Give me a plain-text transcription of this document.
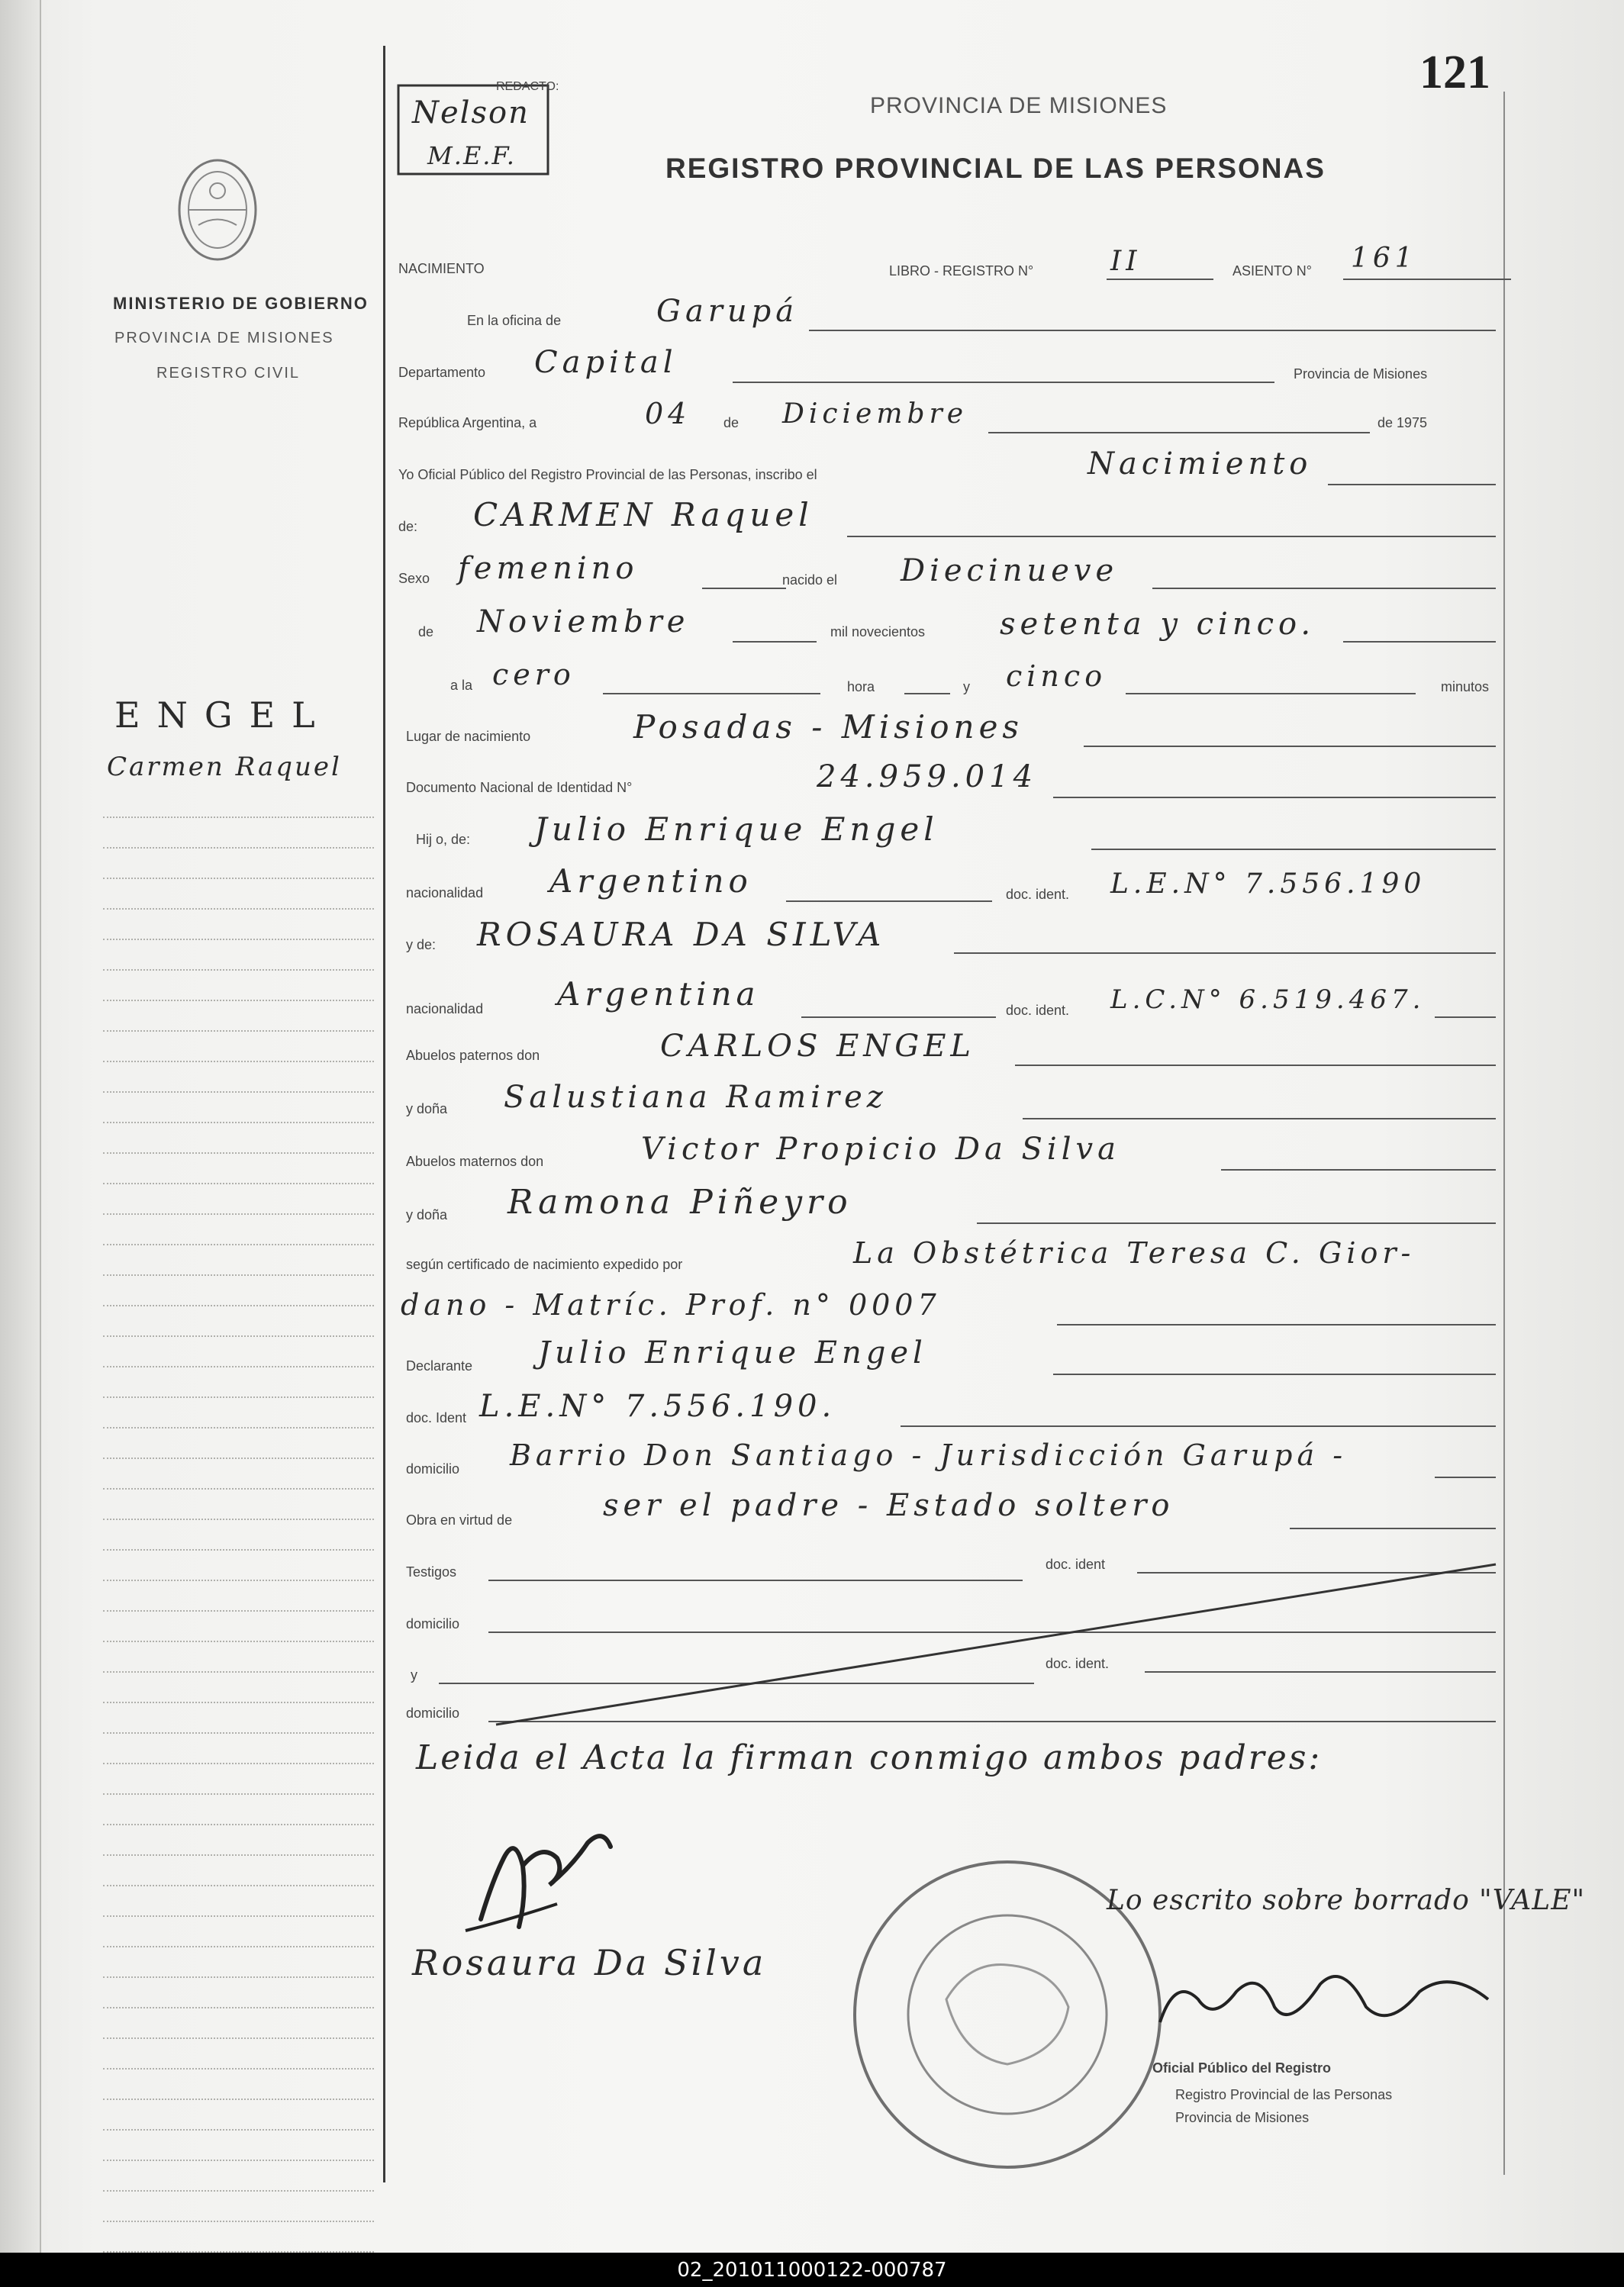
121
REDACTO:
Nelson
M.E.F.
PROVINCIA DE MISIONES
REGISTRO PROVINCIAL DE LAS PERSONAS
MINISTERIO DE GOBIERNO
PROVINCIA DE MISIONES
REGISTRO CIVIL
ENGEL
Carmen Raquel
NACIMIENTO	LIBRO - REGISTRO N°	II	ASIENTO N° 161
En la oficina de	Garupá
Departamento Capital	Provincia de Misiones
República Argentina, a	04 de Diciembre	de 1975
Yo Oficial Público del Registro Provincial de las Personas, inscribo el	Nacimiento
de: CARMEN Raquel
Sexo femenino	nacido el Diecinueve
de Noviembre	mil novecientos setenta y cinco.
a la cero	hora	y cinco	minutos
Lugar de nacimiento	Posadas - Misiones
Documento Nacional de Identidad N°	24.959.014
Hij o, de: Julio Enrique Engel
nacionalidad Argentino	doc. ident. L.E.N° 7.556.190
y de: ROSAURA DA SILVA
nacionalidad Argentina	doc. ident. L.C.N° 6.519.467.
Abuelos paternos don	CARLOS ENGEL
y doña Salustiana Ramirez
Abuelos maternos don	Victor Propicio Da Silva
y doña Ramona Piñeyro
según certificado de nacimiento expedido por	La Obstétrica Teresa C. Gior-
dano - Matríc. Prof. n° 0007
Declarante Julio Enrique Engel
doc. Ident L.E.N° 7.556.190.
domicilio Barrio Don Santiago - Jurisdicción Garupá -
Obra en virtud de	ser el padre - Estado soltero
Testigos	doc. ident
domicilio
y
doc. ident.
domicilio
Leida el Acta la firman conmigo ambos padres:
Rosaura Da Silva
Lo escrito sobre borrado "VALE"
Oficial Público del Registro
Registro Provincial de las Personas
Provincia de Misiones
02_201011000122-000787
